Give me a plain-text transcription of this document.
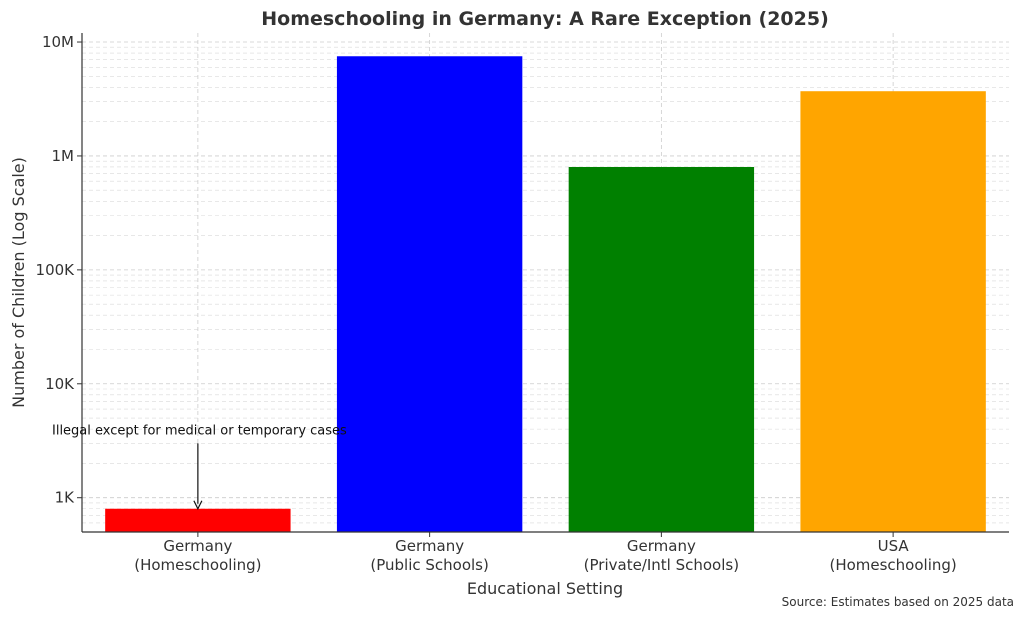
1K
10K
100K
1M
10M
Germany
(Homeschooling)
Germany
(Public Schools)
Germany
(Private/Intl Schools)
USA
(Homeschooling)
Homeschooling in Germany: A Rare Exception (2025)
Educational Setting
Number of Children (Log Scale)
Illegal except for medical or temporary cases
Source: Estimates based on 2025 data
